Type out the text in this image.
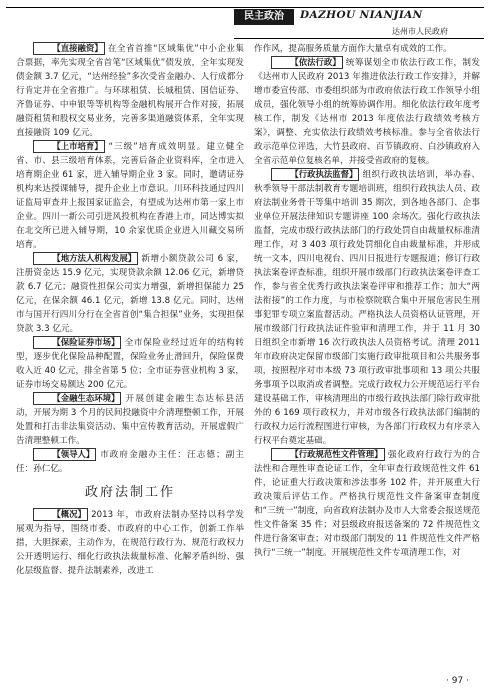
民主政治	DAZHOU NIANJIAN
达州市人民政府

【直接融资】 在全省首推“区域集优”中小企业集合票据，率先实现全省首笔“区域集优”债发放，全年实现发债金额 3.7 亿元，“达州经验”多次受省金融办、人行成都分行肯定并在全省推广。与环球租赁、长城租赁、国信证券、齐鲁证券、中申银等等机构等金融机构展开合作对接，拓展融资租赁和股权交易业务，完善多渠道融资体系，全年实现直接融资 109 亿元。

【上市培育】 “三级”培育成效明显。建立健全省、市、县三级培育体系，完善后备企业资料库，全市进入培育期企业 61 家，进入辅导期企业 3 家。同时，邀请证券机构来达授课辅导，提升企业上市意识。川环科技通过四川证监局审查并上报国家证监会，有望成为达州市第一家上市企业。四川一新公司引进风投机构在香港上市，同达博实拟在北交所已进入辅导期，10 余家优质企业进入川藏交易所培育。

【地方法人机构发展】 新增小额贷款公司 6 家，注册资金达 15.9 亿元，实现贷款余额 12.06 亿元，新增贷款 6.7 亿元；融资性担保公司实力增强，新增担保能力 25 亿元，在保余额 46.1 亿元，新增 13.8 亿元。同时，达州市与国开行四川分行在全省首创“集合担保”业务，实现担保贷款 3.3 亿元。

【保险证券市场】 全市保险业经过近年的结构转型，逐步优化保险品种配置，保险业务止滑回升，保险保费收入近 40 亿元，排全省第 5 位；全市证券营业机构 3 家，证券市场交易额达 200 亿元。

【金融生态环境】 开展创建金融生态达标县活动，开展为期 3 个月的民间投融资中介清理整顿工作，开展处置和打击非法集资活动、集中宣传教育活动，开展虚假广告清理整顿工作。

【领导人】 市政府金融办主任：汪志德；副主任：孙仁亿。

政府法制工作

【概况】 2013 年，市政府法制办坚持以科学发展观为指导，围绕市委、市政府的中心工作，创新工作举措，大胆探索，主动作为，在规范行政行为、规范行政权力公开透明运行、细化行政执法裁量标准、化解矛盾纠纷、强化层级监督、提升法制素养，改进工

作作风，提高服务质量方面作大量卓有成效的工作。

【依法行政】 统筹谋划全市依法行政工作，制发《达州市人民政府 2013 年推进依法行政工作安排》，并解增市委宣传部、市委组织部为市政府依法行政工作领导小组成员，强化领导小组的统筹协调作用。细化依法行政年度考核工作，制发《达州市 2013 年度依法行政绩效考核方案》，调整、充实依法行政绩效考核标准。参与全省依法行政示范单位评选，大竹县政府、百节镇政府、白沙镇政府入全省示范单位复核名单，并接受省政府的复核。

【行政执法监督】 组织行政执法培训，举办春、秋季领导干部法制教育专题培训班，组织行政执法人员、政府法制业务骨干等集中培训 35 期次，到各地各部门、企事业单位开展法律知识专题讲座 100 余场次。强化行政执法监督，完成市级行政执法部门的行政处罚自由裁量权标准清理工作，对 3 403 项行政处罚细化自由裁量标准，并形成统一文本，四川电视台、四川日报进行专题报道；修订行政执法案卷评查标准，组织开展市级部门行政执法案卷评查工作，参与省全优秀行政执法案卷评审和推荐工作；加大“两法衔接”的工作力度，与市检察院联合集中开展危害民生刑事犯罪专项立案监督活动。严格执法人员资格认证管理，开展市级部门行政执法证件验审和清理工作，并于 11 月 30 日组织全市新增 16 次行政执法人员资格考试。清理 2011 年市政府决定保留市级部门实施行政审批项目和公共服务事项，按照程序对市本级 73 项行政审批事项和 13 项公共服务事项予以取消或者调整。完成行政权力公开规范运行平台建设基础工作，审核清理出的市级行政执法部门除行政审批外的 6 169 项行政权力，并对市级各行政执法部门编制的行政权力运行流程图进行审核，为各部门行政权力有序录入行权平台奠定基础。

【行政规范性文件管理】 强化政府行政行为的合法性和合理性审查论证工作，全年审查行政规范性文件 61 件，论证重大行政决策和涉法事务 102 件，并开展重大行政决策后评估工作。严格执行规范性文件备案审查制度和“三统一”制度，向省政府法制办及市人大常委会报送规范性文件备案 35 件；对县级政府报送备案的 72 件规范性文件进行备案审查；对市级部门制发的 11 件规范性文件严格执行“三统一”制度。开展规范性文件专项清理工作，对

· 97 ·
